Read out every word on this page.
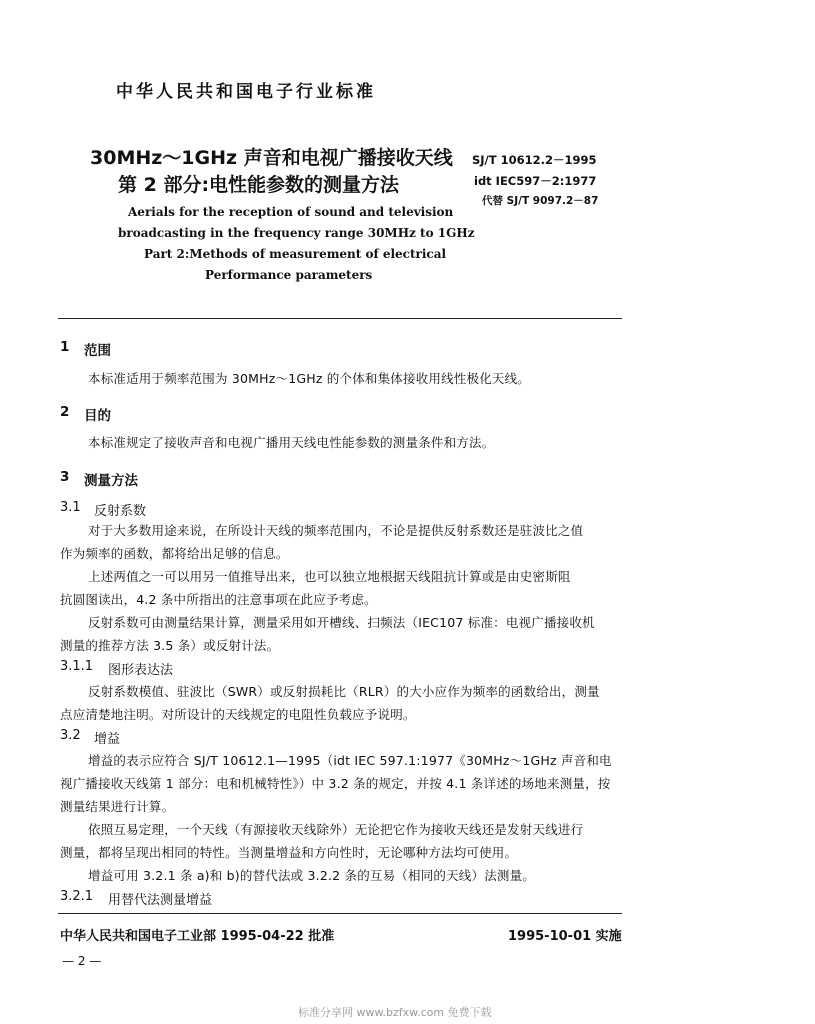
中华人民共和国电子行业标准
30MHz～1GHz 声音和电视广播接收天线
第 2 部分:电性能参数的测量方法
SJ/T 10612.2－1995
idt IEC597－2:1977
代替 SJ/T 9097.2－87
Aerials for the reception of sound and television
broadcasting in the frequency range 30MHz to 1GHz
Part 2:Methods of measurement of electrical
Performance parameters
1 范围
本标准适用于频率范围为 30MHz～1GHz 的个体和集体接收用线性极化天线。
2 目的
本标准规定了接收声音和电视广播用天线电性能参数的测量条件和方法。
3 测量方法
3.1 反射系数
对于大多数用途来说，在所设计天线的频率范围内，不论是提供反射系数还是驻波比之值
作为频率的函数，都将给出足够的信息。
上述两值之一可以用另一值推导出来，也可以独立地根据天线阻抗计算或是由史密斯阻
抗圆图读出，4.2 条中所指出的注意事项在此应予考虑。
反射系数可由测量结果计算，测量采用如开槽线、扫频法（IEC107 标准：电视广播接收机
测量的推荐方法 3.5 条）或反射计法。
3.1.1 图形表达法
反射系数模值、驻波比（SWR）或反射损耗比（RLR）的大小应作为频率的函数给出，测量
点应清楚地注明。对所设计的天线规定的电阻性负载应予说明。
3.2 增益
增益的表示应符合 SJ/T 10612.1—1995（idt IEC 597.1:1977《30MHz～1GHz 声音和电
视广播接收天线第 1 部分：电和机械特性》）中 3.2 条的规定，并按 4.1 条详述的场地来测量，按
测量结果进行计算。
依照互易定理，一个天线（有源接收天线除外）无论把它作为接收天线还是发射天线进行
测量，都将呈现出相同的特性。当测量增益和方向性时，无论哪种方法均可使用。
增益可用 3.2.1 条 a)和 b)的替代法或 3.2.2 条的互易（相同的天线）法测量。
3.2.1 用替代法测量增益
中华人民共和国电子工业部 1995-04-22 批准	1995-10-01 实施
— 2 —
标准分享网 www.bzfxw.com 免费下载
